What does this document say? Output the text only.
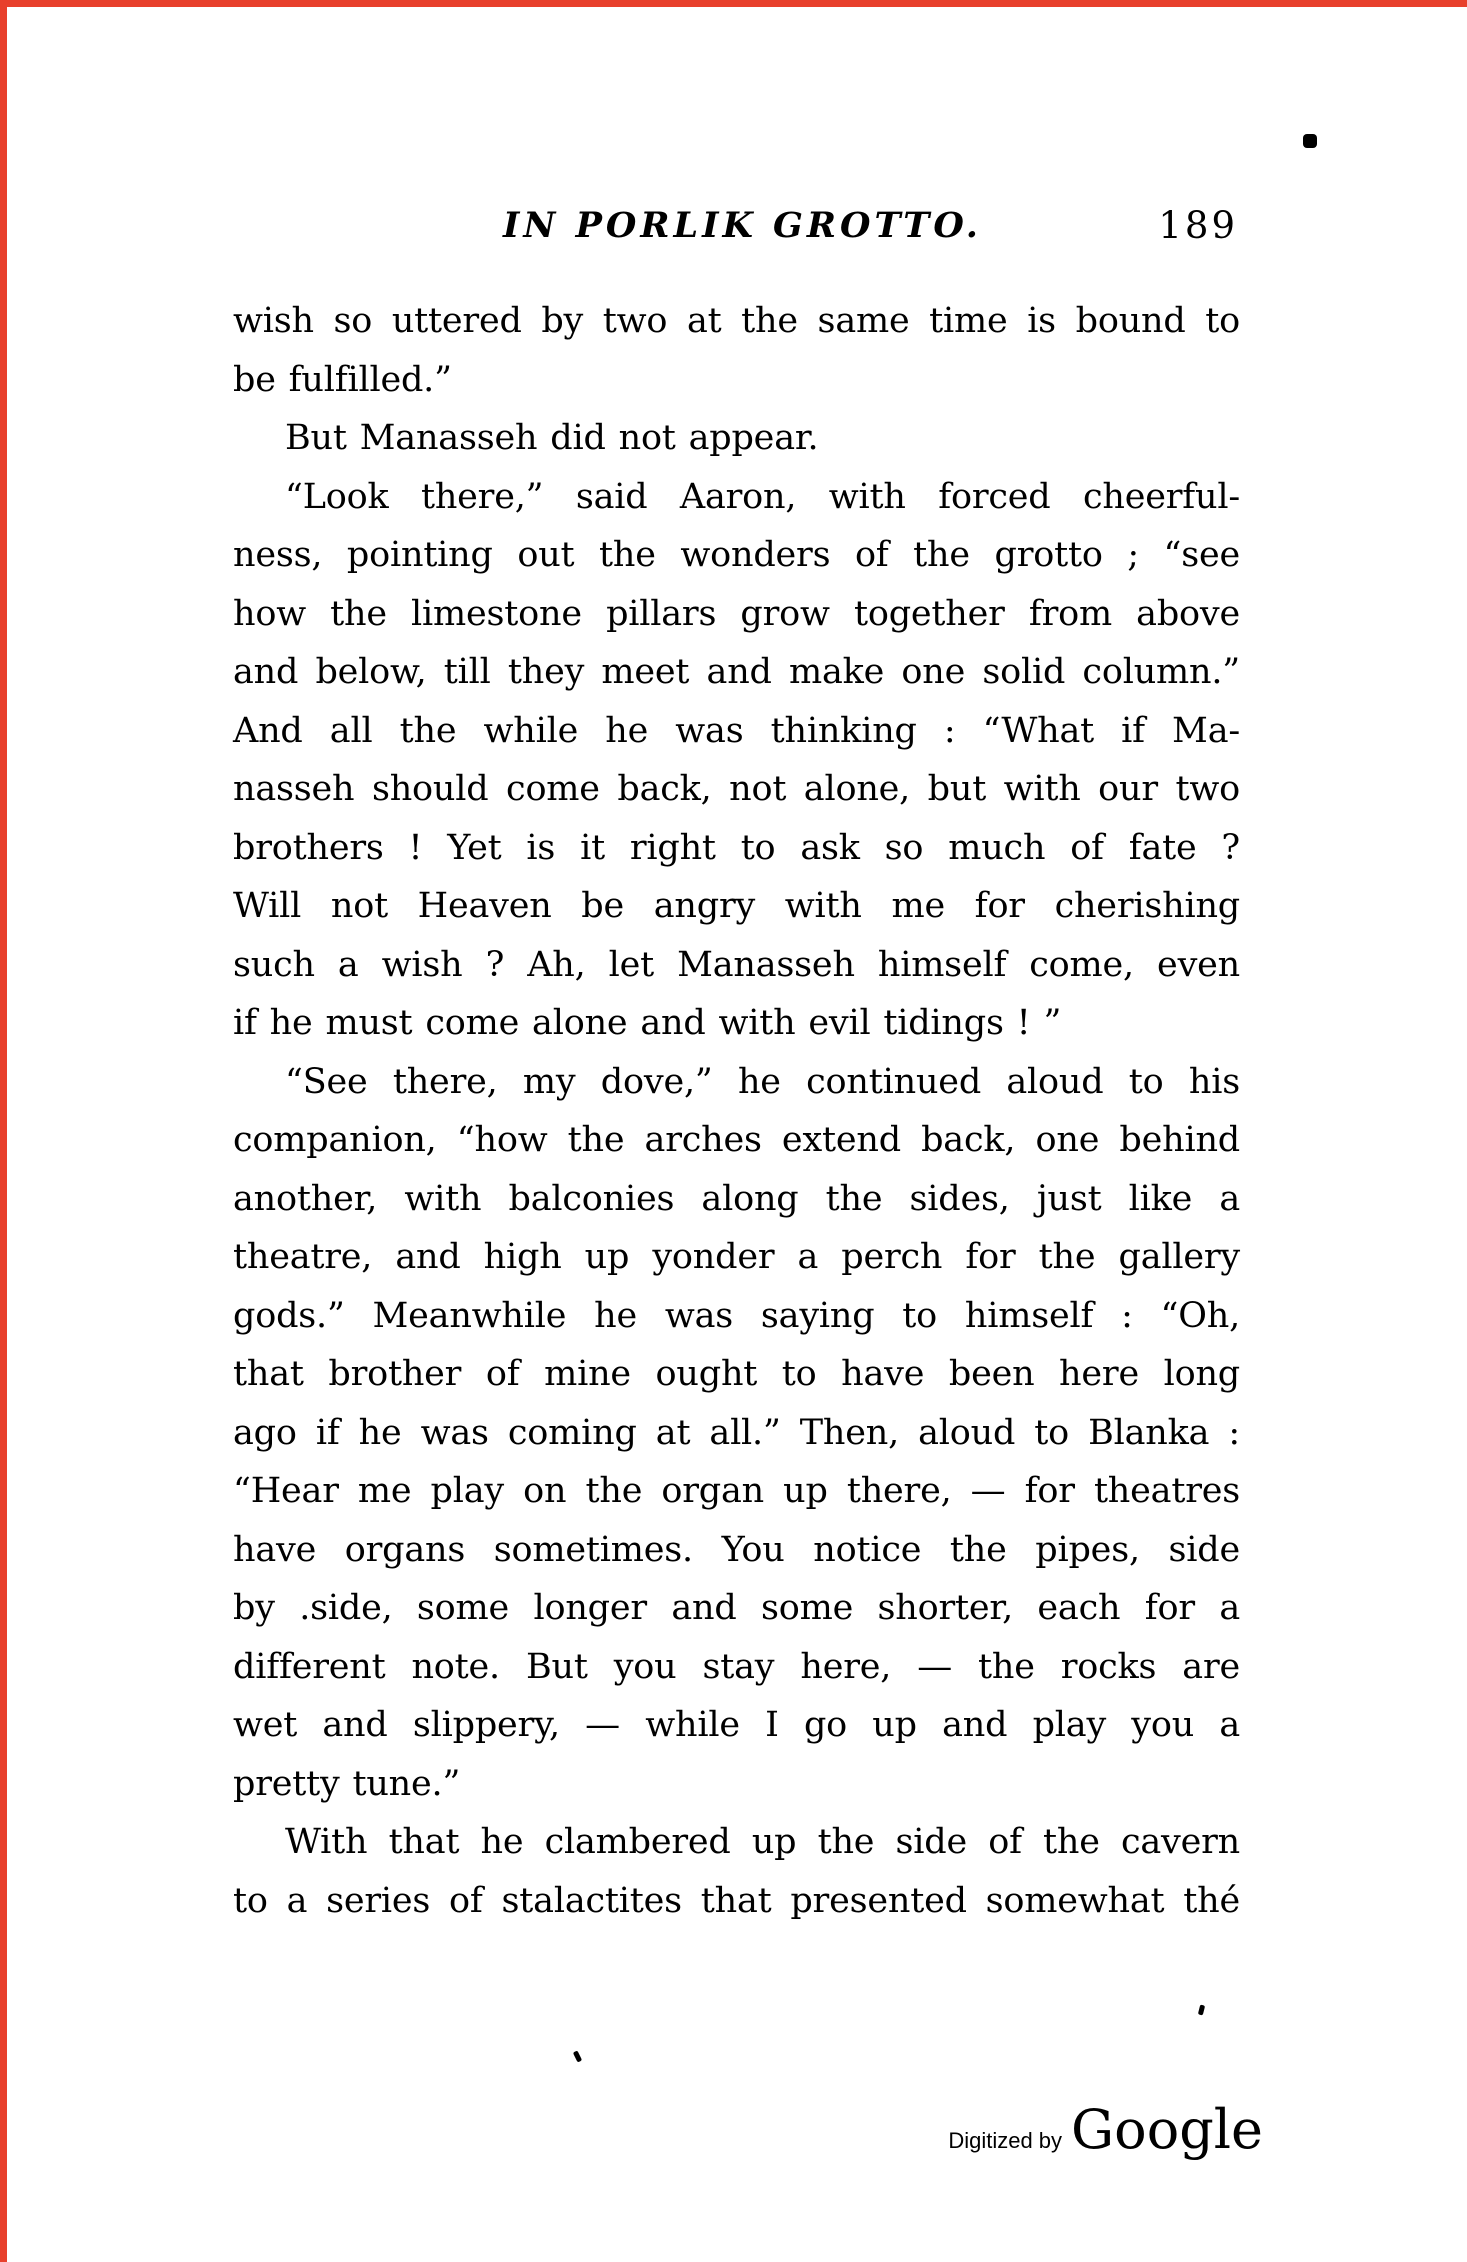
IN PORLIK GROTTO.	189
wish so uttered by two at the same time is bound to
be fulfilled.”
But Manasseh did not appear.
“Look there,” said Aaron, with forced cheerful-
ness, pointing out the wonders of the grotto ; “see
how the limestone pillars grow together from above
and below, till they meet and make one solid column.”
And all the while he was thinking : “What if Ma-
nasseh should come back, not alone, but with our two
brothers ! Yet is it right to ask so much of fate ?
Will not Heaven be angry with me for cherishing
such a wish ? Ah, let Manasseh himself come, even
if he must come alone and with evil tidings ! ”
“See there, my dove,” he continued aloud to his
companion, “how the arches extend back, one behind
another, with balconies along the sides, just like a
theatre, and high up yonder a perch for the gallery
gods.” Meanwhile he was saying to himself : “Oh,
that brother of mine ought to have been here long
ago if he was coming at all.” Then, aloud to Blanka :
“Hear me play on the organ up there, — for theatres
have organs sometimes. You notice the pipes, side
by .side, some longer and some shorter, each for a
different note. But you stay here, — the rocks are
wet and slippery, — while I go up and play you a
pretty tune.”
With that he clambered up the side of the cavern
to a series of stalactites that presented somewhat thé
Digitized by Google
